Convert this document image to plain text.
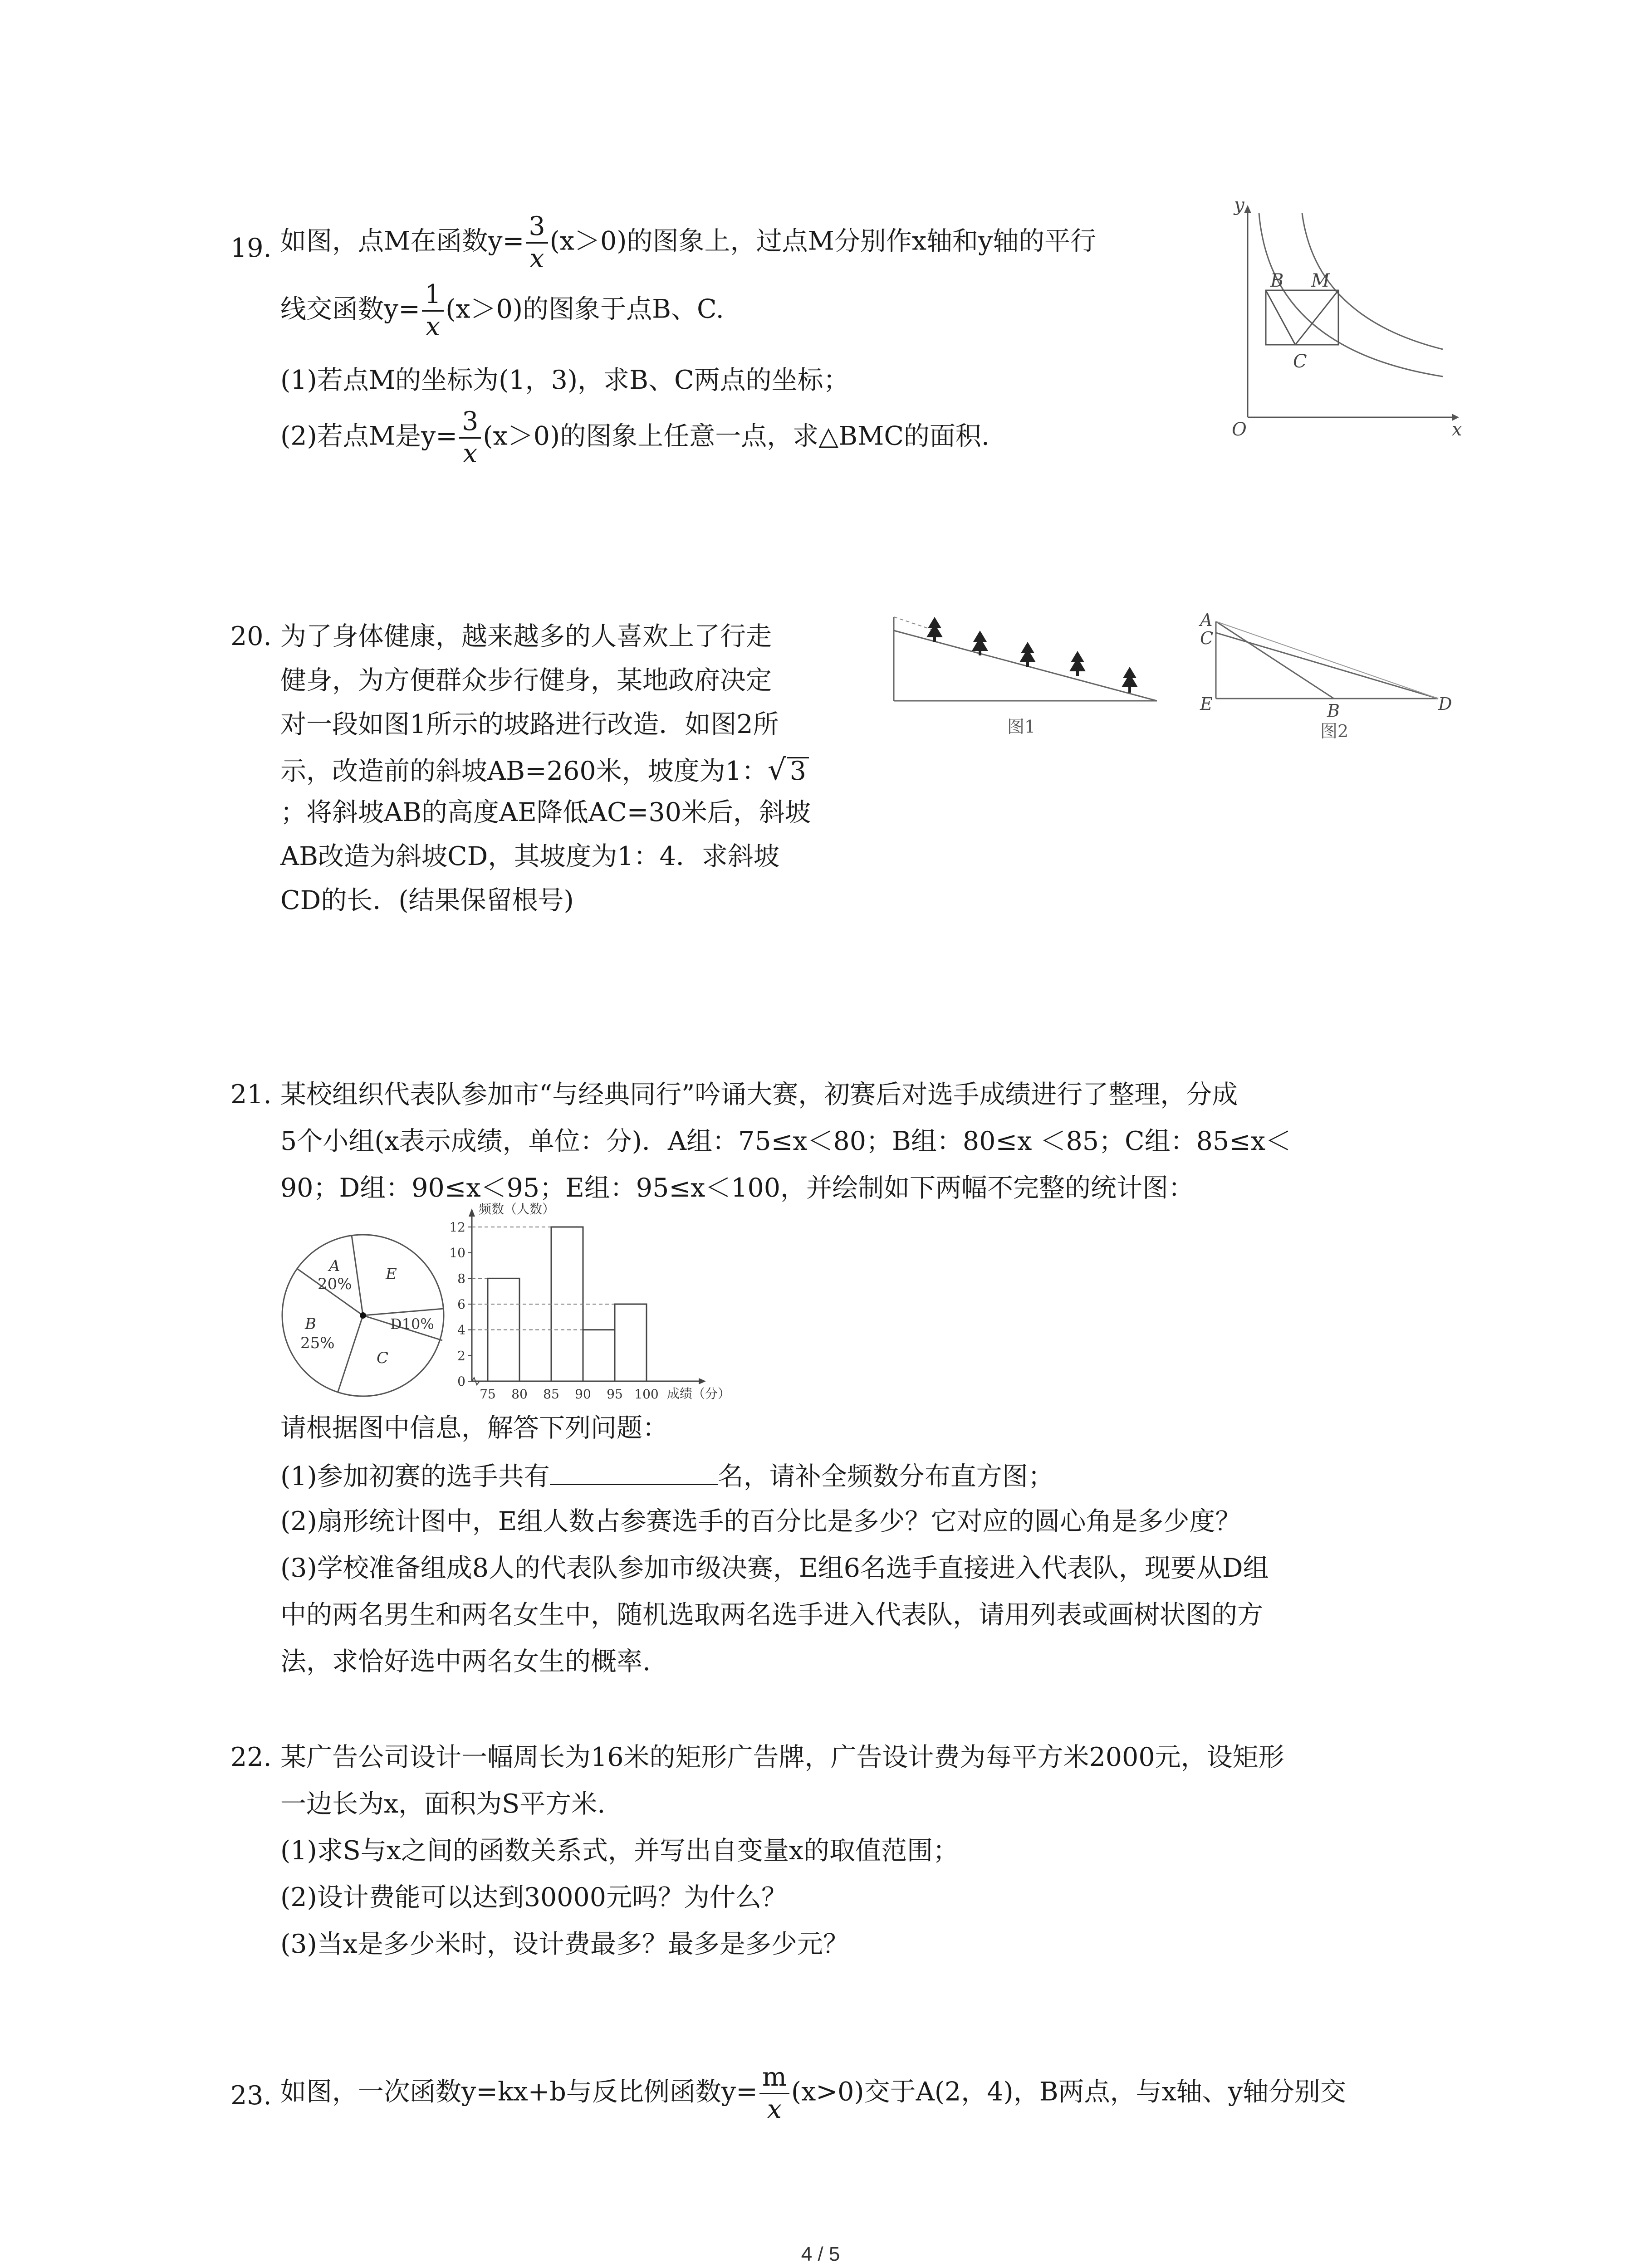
19. 如图，点M在函数$y= \frac{3}{x} (x>0)$的图象上，过点M分别作x轴和y轴的平行
线交函数$y= \frac{1}{x} (x>0)$的图象于点B、C.
(1)若点M的坐标为(1，3)，求B、C两点的坐标；
(2)若点M是$y= \frac{3}{x} (x>0)$的图象上任意一点，求△BMC的面积.
y
x
O
B M
C
20. 为了身体健康，越来越多的人喜欢上了行走
健身，为方便群众步行健身，某地政府决定
对一段如图1所示的坡路进行改造．如图2所
示，改造前的斜坡AB=260米，坡度为1：√ 3
；将斜坡AB的高度AE降低AC=30米后，斜坡
AB改造为斜坡CD，其坡度为1：4．求斜坡
CD的长．(结果保留根号)
图1
A
C
E	B	D
图2
21. 某校组织代表队参加市“与经典同行”吟诵大赛，初赛后对选手成绩进行了整理，分成
5个小组(x表示成绩，单位：分)．A组：75≤x＜80；B组：80≤x ＜85；C组：85≤x＜
90；D组：90≤x＜95；E组：95≤x＜100，并绘制如下两幅不完整的统计图：
请根据图中信息，解答下列问题：
(1)参加初赛的选手共有	名，请补全频数分布直方图；
(2)扇形统计图中，E组人数占参赛选手的百分比是多少？它对应的圆心角是多少度？
(3)学校准备组成8人的代表队参加市级决赛，E组6名选手直接进入代表队，现要从D组
中的两名男生和两名女生中，随机选取两名选手进入代表队，请用列表或画树状图的方
法，求恰好选中两名女生的概率.
A
20%
B
25%
E
D10%
C
频数（人数）
成绩（分）
0
2
4
6
8
10
12
75 80 85 90 95 100
22. 某广告公司设计一幅周长为16米的矩形广告牌，广告设计费为每平方米2000元，设矩形
一边长为x，面积为S平方米.
(1)求S与x之间的函数关系式，并写出自变量x的取值范围；
(2)设计费能可以达到30000元吗？为什么？
(3)当x是多少米时，设计费最多？最多是多少元？
23. 如图，一次函数y=kx+b与反比例函数$y= \frac{m}{x} (x>0)$交于A(2，4)，B两点，与x轴、y轴分别交
4 / 5
